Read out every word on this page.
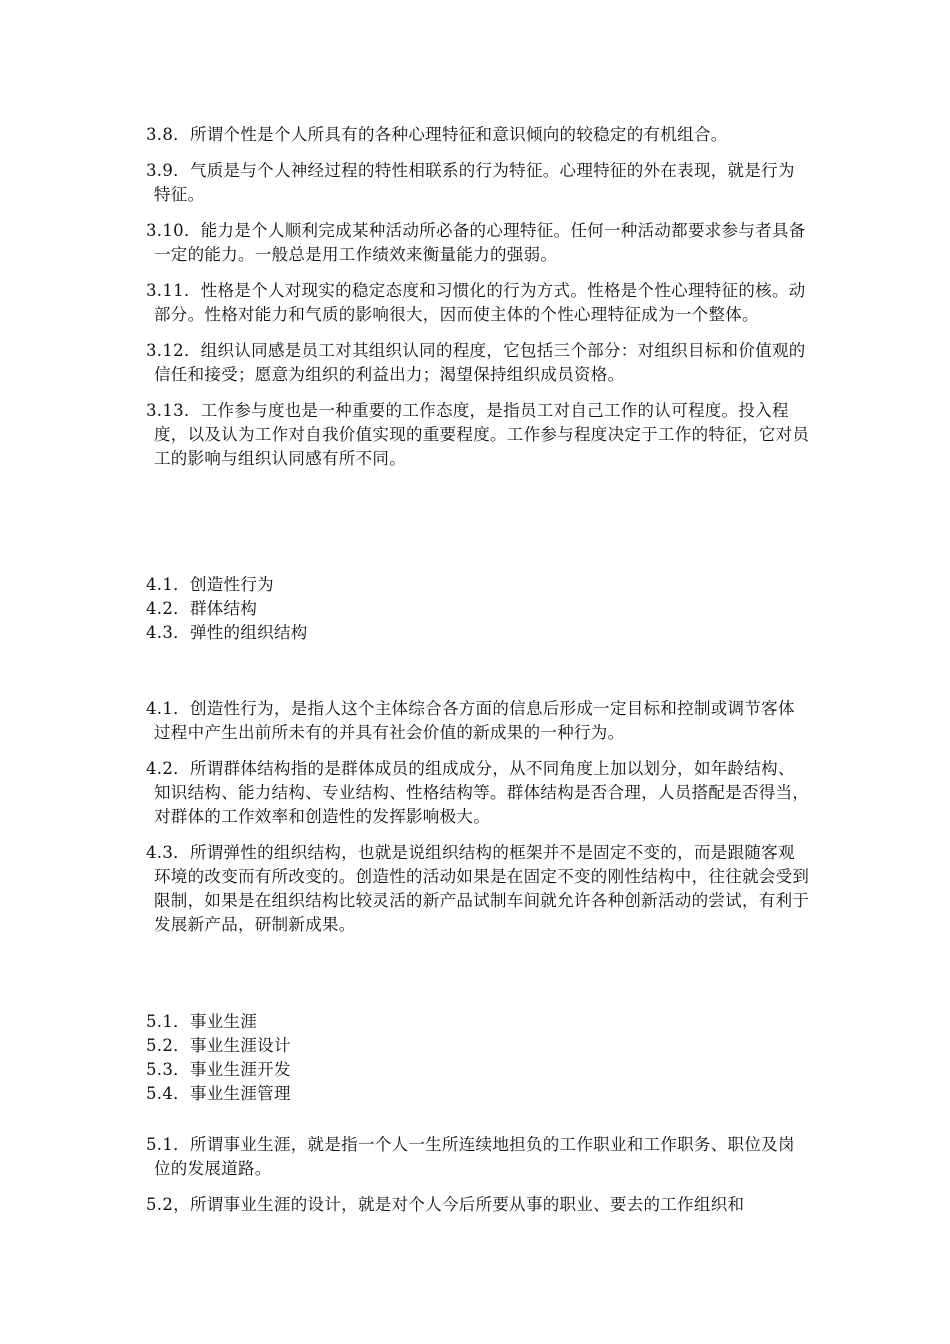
3.8．所谓个性是个人所具有的各种心理特征和意识倾向的较稳定的有机组合。

3.9．气质是与个人神经过程的特性相联系的行为特征。心理特征的外在表现，就是行为特征。

3.10．能力是个人顺利完成某种活动所必备的心理特征。任何一种活动都要求参与者具备一定的能力。一般总是用工作绩效来衡量能力的强弱。

3.11．性格是个人对现实的稳定态度和习惯化的行为方式。性格是个性心理特征的核。动部分。性格对能力和气质的影响很大，因而使主体的个性心理特征成为一个整体。

3.12．组织认同感是员工对其组织认同的程度，它包括三个部分：对组织目标和价值观的信任和接受；愿意为组织的利益出力；渴望保持组织成员资格。

3.13．工作参与度也是一种重要的工作态度，是指员工对自己工作的认可程度。投入程度，以及认为工作对自我价值实现的重要程度。工作参与程度决定于工作的特征，它对员工的影响与组织认同感有所不同。

4.1．创造性行为

4.2．群体结构

4.3．弹性的组织结构

4.1．创造性行为，是指人这个主体综合各方面的信息后形成一定目标和控制或调节客体过程中产生出前所未有的并具有社会价值的新成果的一种行为。

4.2．所谓群体结构指的是群体成员的组成成分，从不同角度上加以划分，如年龄结构、知识结构、能力结构、专业结构、性格结构等。群体结构是否合理，人员搭配是否得当，对群体的工作效率和创造性的发挥影响极大。

4.3．所谓弹性的组织结构，也就是说组织结构的框架并不是固定不变的，而是跟随客观环境的改变而有所改变的。创造性的活动如果是在固定不变的刚性结构中，往往就会受到限制，如果是在组织结构比较灵活的新产品试制车间就允许各种创新活动的尝试，有利于发展新产品，研制新成果。

5.1．事业生涯

5.2．事业生涯设计

5.3．事业生涯开发

5.4．事业生涯管理

5.1．所谓事业生涯，就是指一个人一生所连续地担负的工作职业和工作职务、职位及岗位的发展道路。

5.2，所谓事业生涯的设计，就是对个人今后所要从事的职业、要去的工作组织和
